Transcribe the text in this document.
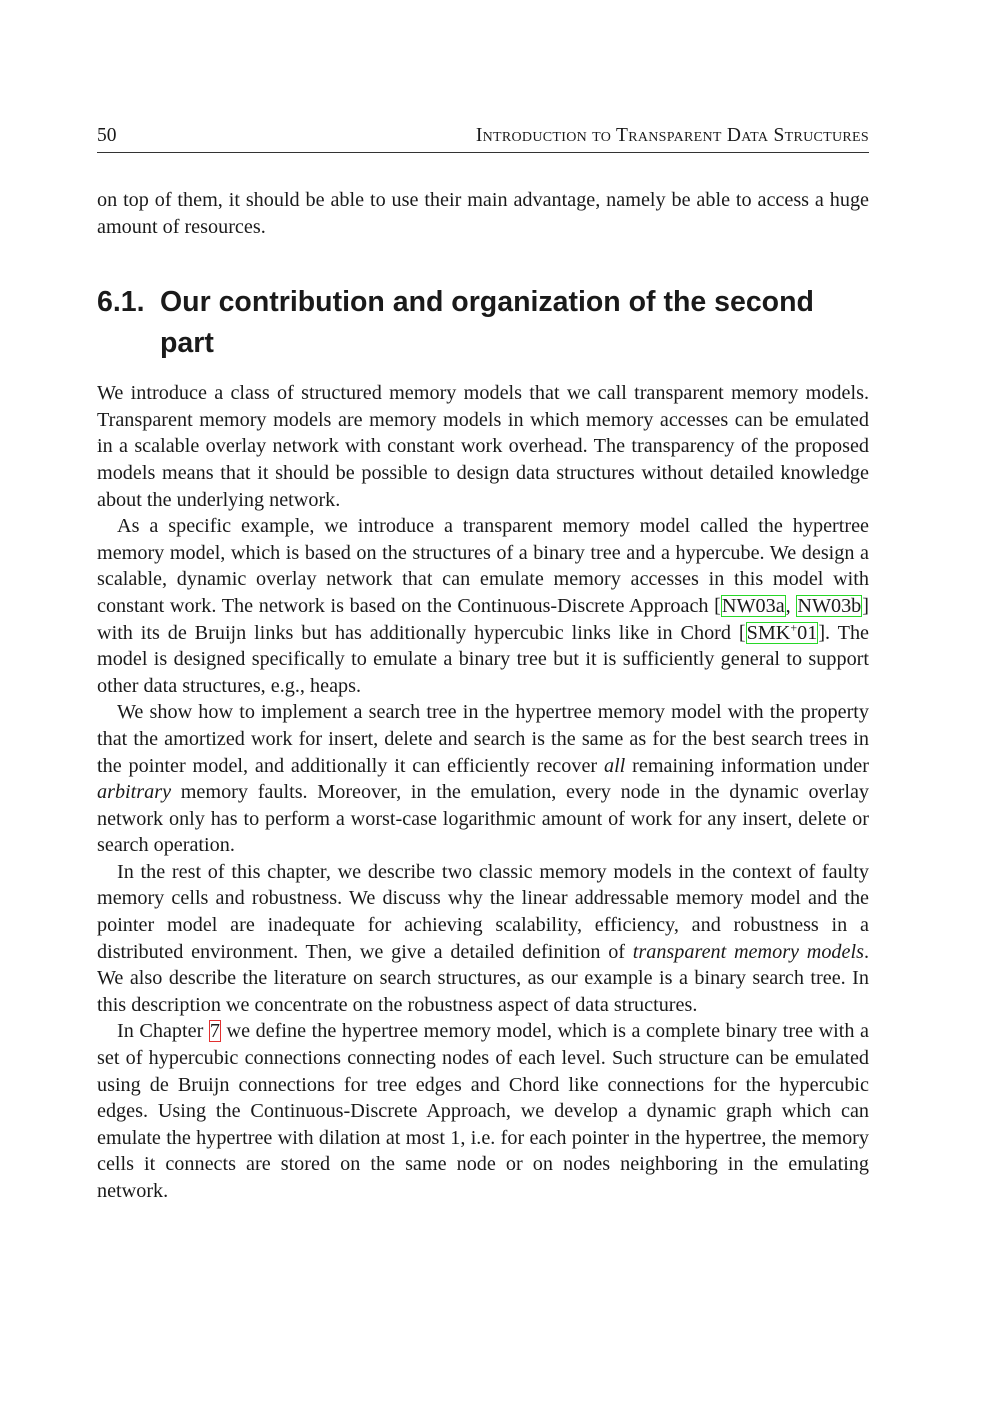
50	Introduction to Transparent Data Structures

on top of them, it should be able to use their main advantage, namely be able to access a huge amount of resources.

6.1. Our contribution and organization of the second part

We introduce a class of structured memory models that we call transparent memory models. Transparent memory models are memory models in which memory accesses can be emulated in a scalable overlay network with constant work overhead. The transparency of the proposed models means that it should be possible to design data structures without detailed knowledge about the underlying network.

As a specific example, we introduce a transparent memory model called the hypertree memory model, which is based on the structures of a binary tree and a hypercube. We design a scalable, dynamic overlay network that can emulate memory accesses in this model with constant work. The network is based on the Continuous-Discrete Approach [NW03a, NW03b] with its de Bruijn links but has additionally hypercubic links like in Chord [SMK+01]. The model is designed specifically to emulate a binary tree but it is sufficiently general to support other data structures, e.g., heaps.

We show how to implement a search tree in the hypertree memory model with the property that the amortized work for insert, delete and search is the same as for the best search trees in the pointer model, and additionally it can efficiently recover all remaining information under arbitrary memory faults. Moreover, in the emulation, every node in the dynamic overlay network only has to perform a worst-case logarithmic amount of work for any insert, delete or search operation.

In the rest of this chapter, we describe two classic memory models in the context of faulty memory cells and robustness. We discuss why the linear addressable memory model and the pointer model are inadequate for achieving scalability, efficiency, and robustness in a distributed environment. Then, we give a detailed definition of transparent memory models. We also describe the literature on search structures, as our example is a binary search tree. In this description we concentrate on the robustness aspect of data structures.

In Chapter 7 we define the hypertree memory model, which is a complete binary tree with a set of hypercubic connections connecting nodes of each level. Such structure can be emulated using de Bruijn connections for tree edges and Chord like connections for the hypercubic edges. Using the Continuous-Discrete Approach, we develop a dynamic graph which can emulate the hypertree with dilation at most 1, i.e. for each pointer in the hypertree, the memory cells it connects are stored on the same node or on nodes neighboring in the emulating network.
